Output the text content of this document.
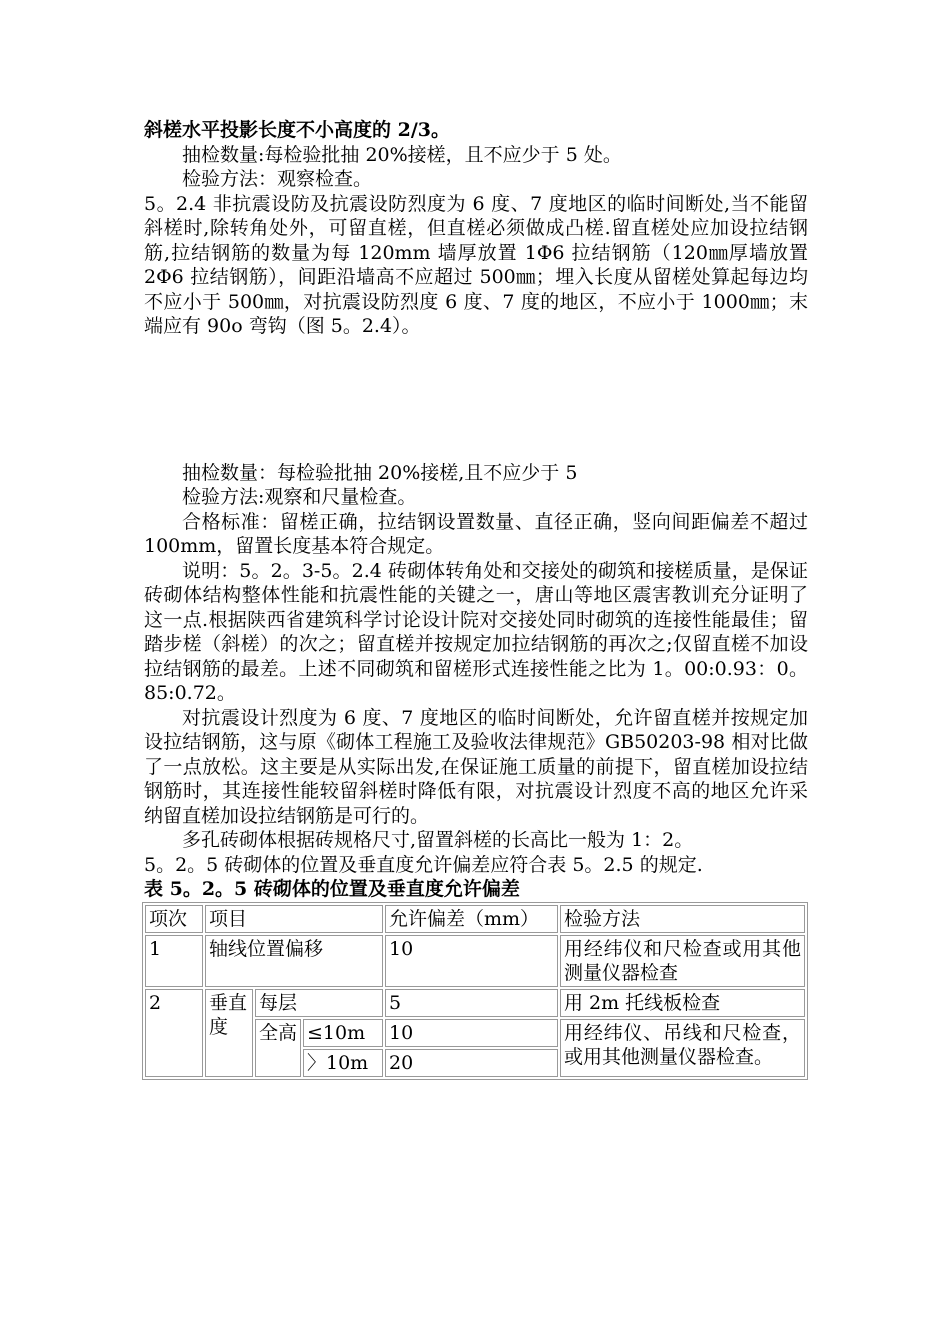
斜槎水平投影长度不小高度的 2/3。

抽检数量:每检验批抽 20%接槎，且不应少于 5 处。

检验方法：观察检查。

5。2.4 非抗震设防及抗震设防烈度为 6 度、7 度地区的临时间断处,当不能留斜槎时,除转角处外，可留直槎，但直槎必须做成凸槎.留直槎处应加设拉结钢筋,拉结钢筋的数量为每 120mm 墙厚放置 1Φ6 拉结钢筋（120㎜厚墙放置 2Φ6 拉结钢筋），间距沿墙高不应超过 500㎜；埋入长度从留槎处算起每边均不应小于 500㎜，对抗震设防烈度 6 度、7 度的地区，不应小于 1000㎜；末端应有 90o 弯钩（图 5。2.4）。

抽检数量：每检验批抽 20%接槎,且不应少于 5

检验方法:观察和尺量检查。

合格标准：留槎正确，拉结钢设置数量、直径正确，竖向间距偏差不超过 100mm，留置长度基本符合规定。

说明：5。2。3-5。2.4 砖砌体转角处和交接处的砌筑和接槎质量，是保证砖砌体结构整体性能和抗震性能的关键之一，唐山等地区震害教训充分证明了这一点.根据陕西省建筑科学讨论设计院对交接处同时砌筑的连接性能最佳；留踏步槎（斜槎）的次之；留直槎并按规定加拉结钢筋的再次之;仅留直槎不加设拉结钢筋的最差。上述不同砌筑和留槎形式连接性能之比为 1。00:0.93：0。85:0.72。

对抗震设计烈度为 6 度、7 度地区的临时间断处，允许留直槎并按规定加设拉结钢筋，这与原《砌体工程施工及验收法律规范》GB50203-98 相对比做了一点放松。这主要是从实际出发,在保证施工质量的前提下，留直槎加设拉结钢筋时，其连接性能较留斜槎时降低有限，对抗震设计烈度不高的地区允许采纳留直槎加设拉结钢筋是可行的。

多孔砖砌体根据砖规格尺寸,留置斜槎的长高比一般为 1：2。

5。2。5 砖砌体的位置及垂直度允许偏差应符合表 5。2.5 的规定.

表 5。2。5 砖砌体的位置及垂直度允许偏差

项次	项目			允许偏差（mm）	检验方法
1	轴线位置偏移			10	用经纬仪和尺检查或用其他测量仪器检查
2	垂直度	每层		5	用 2m 托线板检查
		全高	≤10m	10	用经纬仪、吊线和尺检查，或用其他测量仪器检查。
			〉10m	20	
